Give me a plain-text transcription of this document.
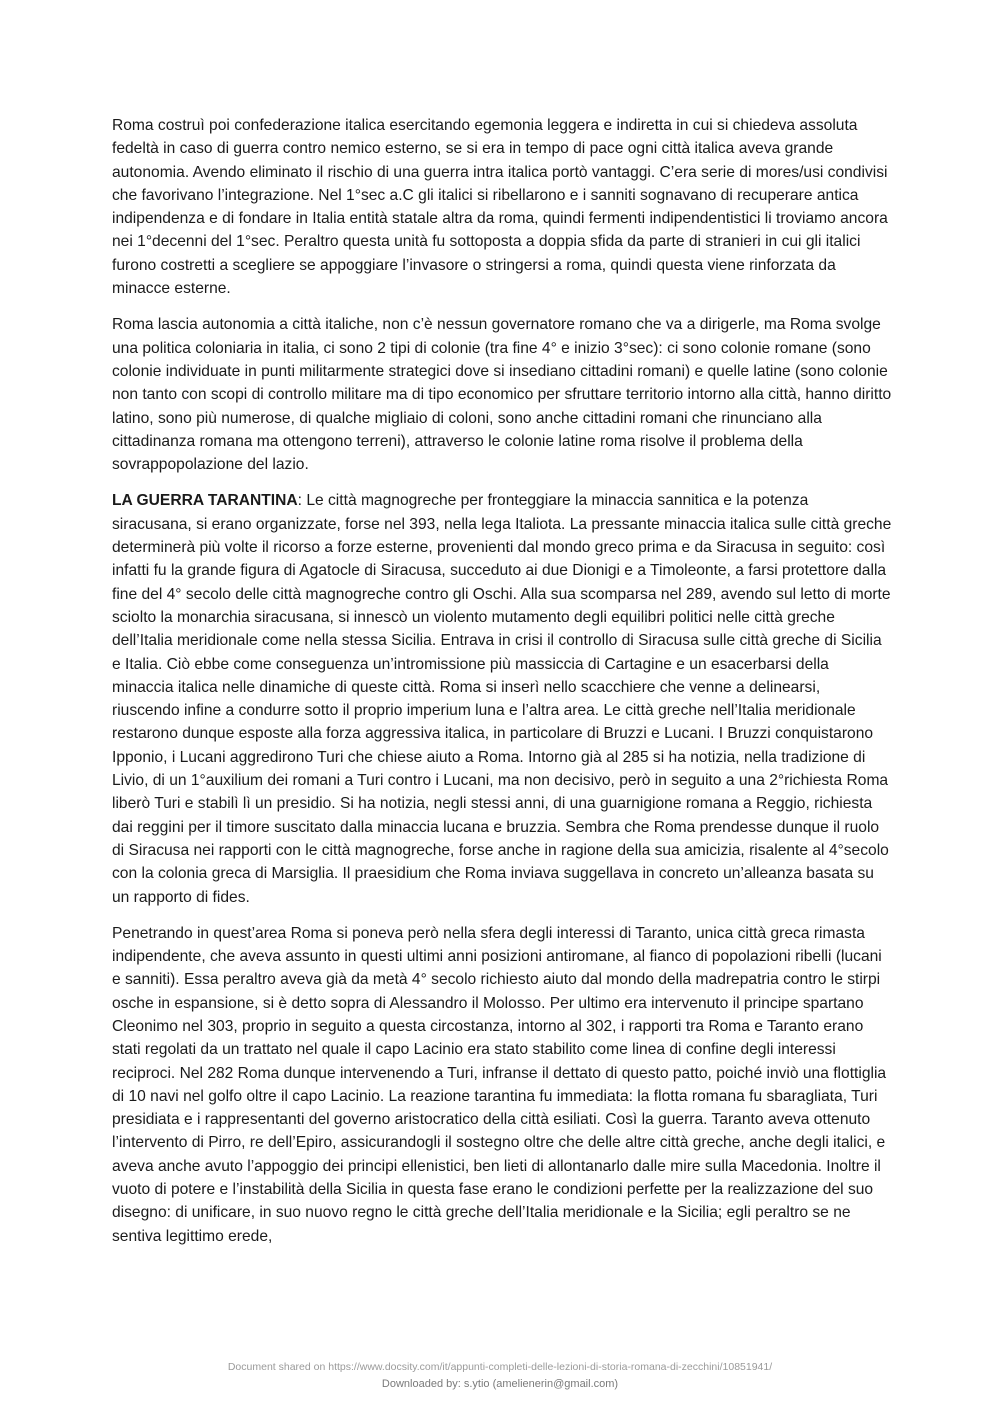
Roma costruì poi confederazione italica esercitando egemonia leggera e indiretta in cui si chiedeva assoluta fedeltà in caso di guerra contro nemico esterno, se si era in tempo di pace ogni città italica aveva grande autonomia. Avendo eliminato il rischio di una guerra intra italica portò vantaggi. C’era serie di mores/usi condivisi che favorivano l’integrazione. Nel 1°sec a.C gli italici si ribellarono e i sanniti sognavano di recuperare antica indipendenza e di fondare in Italia entità statale altra da roma, quindi fermenti indipendentistici li troviamo ancora nei 1°decenni del 1°sec. Peraltro questa unità fu sottoposta a doppia sfida da parte di stranieri in cui gli italici furono costretti a scegliere se appoggiare l’invasore o stringersi a roma, quindi questa viene rinforzata da minacce esterne.

Roma lascia autonomia a città italiche, non c’è nessun governatore romano che va a dirigerle, ma Roma svolge una politica coloniaria in italia, ci sono 2 tipi di colonie (tra fine 4° e inizio 3°sec): ci sono colonie romane (sono colonie individuate in punti militarmente strategici dove si insediano cittadini romani) e quelle latine (sono colonie non tanto con scopi di controllo militare ma di tipo economico per sfruttare territorio intorno alla città, hanno diritto latino, sono più numerose, di qualche migliaio di coloni, sono anche cittadini romani che rinunciano alla cittadinanza romana ma ottengono terreni), attraverso le colonie latine roma risolve il problema della sovrappopolazione del lazio.

LA GUERRA TARANTINA: Le città magnogreche per fronteggiare la minaccia sannitica e la potenza siracusana, si erano organizzate, forse nel 393, nella lega Italiota. La pressante minaccia italica sulle città greche determinerà più volte il ricorso a forze esterne, provenienti dal mondo greco prima e da Siracusa in seguito: così infatti fu la grande figura di Agatocle di Siracusa, succeduto ai due Dionigi e a Timoleonte, a farsi protettore dalla fine del 4° secolo delle città magnogreche contro gli Oschi. Alla sua scomparsa nel 289, avendo sul letto di morte sciolto la monarchia siracusana, si innescò un violento mutamento degli equilibri politici nelle città greche dell’Italia meridionale come nella stessa Sicilia. Entrava in crisi il controllo di Siracusa sulle città greche di Sicilia e Italia. Ciò ebbe come conseguenza un’intromissione più massiccia di Cartagine e un esacerbarsi della minaccia italica nelle dinamiche di queste città. Roma si inserì nello scacchiere che venne a delinearsi, riuscendo infine a condurre sotto il proprio imperium luna e l’altra area. Le città greche nell’Italia meridionale restarono dunque esposte alla forza aggressiva italica, in particolare di Bruzzi e Lucani. I Bruzzi conquistarono Ipponio, i Lucani aggredirono Turi che chiese aiuto a Roma. Intorno già al 285 si ha notizia, nella tradizione di Livio, di un 1°auxilium dei romani a Turi contro i Lucani, ma non decisivo, però in seguito a una 2°richiesta Roma liberò Turi e stabilì lì un presidio. Si ha notizia, negli stessi anni, di una guarnigione romana a Reggio, richiesta dai reggini per il timore suscitato dalla minaccia lucana e bruzzia. Sembra che Roma prendesse dunque il ruolo di Siracusa nei rapporti con le città magnogreche, forse anche in ragione della sua amicizia, risalente al 4°secolo con la colonia greca di Marsiglia. Il praesidium che Roma inviava suggellava in concreto un’alleanza basata su un rapporto di fides.

Penetrando in quest’area Roma si poneva però nella sfera degli interessi di Taranto, unica città greca rimasta indipendente, che aveva assunto in questi ultimi anni posizioni antiromane, al fianco di popolazioni ribelli (lucani e sanniti). Essa peraltro aveva già da metà 4° secolo richiesto aiuto dal mondo della madrepatria contro le stirpi osche in espansione, si è detto sopra di Alessandro il Molosso. Per ultimo era intervenuto il principe spartano Cleonimo nel 303, proprio in seguito a questa circostanza, intorno al 302, i rapporti tra Roma e Taranto erano stati regolati da un trattato nel quale il capo Lacinio era stato stabilito come linea di confine degli interessi reciproci. Nel 282 Roma dunque intervenendo a Turi, infranse il dettato di questo patto, poiché inviò una flottiglia di 10 navi nel golfo oltre il capo Lacinio. La reazione tarantina fu immediata: la flotta romana fu sbaragliata, Turi presidiata e i rappresentanti del governo aristocratico della città esiliati. Così la guerra. Taranto aveva ottenuto l’intervento di Pirro, re dell’Epiro, assicurandogli il sostegno oltre che delle altre città greche, anche degli italici, e aveva anche avuto l’appoggio dei principi ellenistici, ben lieti di allontanarlo dalle mire sulla Macedonia. Inoltre il vuoto di potere e l’instabilità della Sicilia in questa fase erano le condizioni perfette per la realizzazione del suo disegno: di unificare, in suo nuovo regno le città greche dell’Italia meridionale e la Sicilia; egli peraltro se ne sentiva legittimo erede,

Document shared on https://www.docsity.com/it/appunti-completi-delle-lezioni-di-storia-romana-di-zecchini/10851941/
Downloaded by: s.ytio (amelienerin@gmail.com)
